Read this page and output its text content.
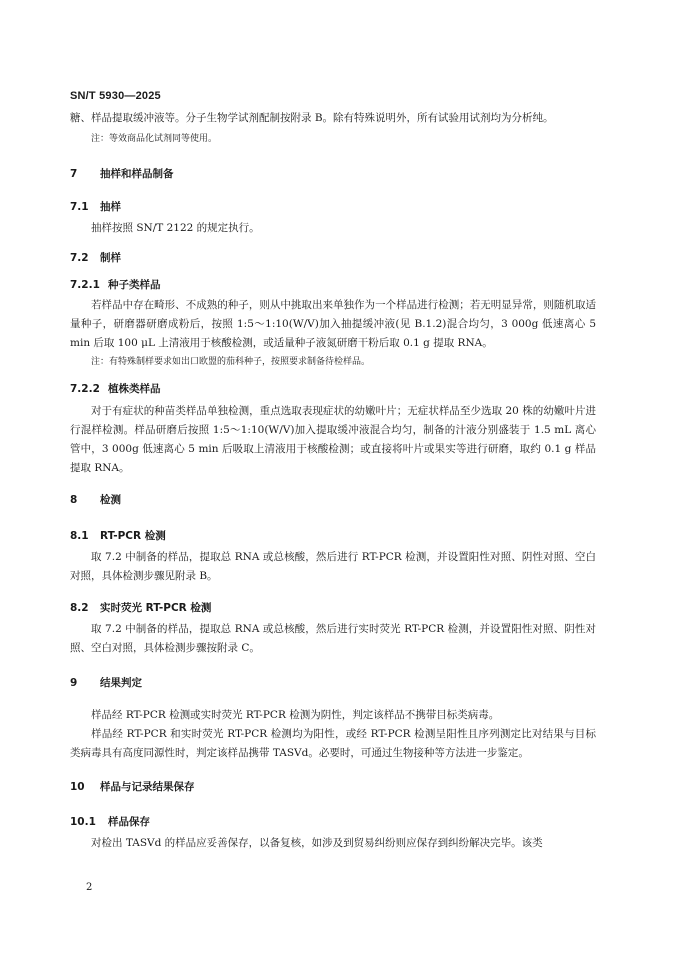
SN/T 5930—2025
糖、样品提取缓冲液等。分子生物学试剂配制按附录 B。除有特殊说明外，所有试验用试剂均为分析纯。
注：等效商品化试剂同等使用。
7 抽样和样品制备
7.1 抽样
抽样按照 SN/T 2122 的规定执行。
7.2 制样
7.2.1 种子类样品
若样品中存在畸形、不成熟的种子，则从中挑取出来单独作为一个样品进行检测；若无明显异常，则随机取适量种子，研磨器研磨成粉后，按照 1:5～1:10(W/V)加入抽提缓冲液(见 B.1.2)混合均匀，3 000g 低速离心 5 min 后取 100 μL 上清液用于核酸检测，或适量种子液氮研磨干粉后取 0.1 g 提取 RNA。
注：有特殊制样要求如出口欧盟的茄科种子，按照要求制备待检样品。
7.2.2 植株类样品
对于有症状的种苗类样品单独检测，重点选取表现症状的幼嫩叶片；无症状样品至少选取 20 株的幼嫩叶片进行混样检测。样品研磨后按照 1:5～1:10(W/V)加入提取缓冲液混合均匀，制备的汁液分别盛装于 1.5 mL 离心管中，3 000g 低速离心 5 min 后吸取上清液用于核酸检测；或直接将叶片或果实等进行研磨，取约 0.1 g 样品提取 RNA。
8 检测
8.1 RT-PCR 检测
取 7.2 中制备的样品，提取总 RNA 或总核酸，然后进行 RT-PCR 检测，并设置阳性对照、阴性对照、空白对照，具体检测步骤见附录 B。
8.2 实时荧光 RT-PCR 检测
取 7.2 中制备的样品，提取总 RNA 或总核酸，然后进行实时荧光 RT-PCR 检测，并设置阳性对照、阴性对照、空白对照，具体检测步骤按附录 C。
9 结果判定
样品经 RT-PCR 检测或实时荧光 RT-PCR 检测为阴性，判定该样品不携带目标类病毒。
样品经 RT-PCR 和实时荧光 RT-PCR 检测均为阳性，或经 RT-PCR 检测呈阳性且序列测定比对结果与目标类病毒具有高度同源性时，判定该样品携带 TASVd。必要时，可通过生物接种等方法进一步鉴定。
10 样品与记录结果保存
10.1 样品保存
对检出 TASVd 的样品应妥善保存，以备复核，如涉及到贸易纠纷则应保存到纠纷解决完毕。该类
2
